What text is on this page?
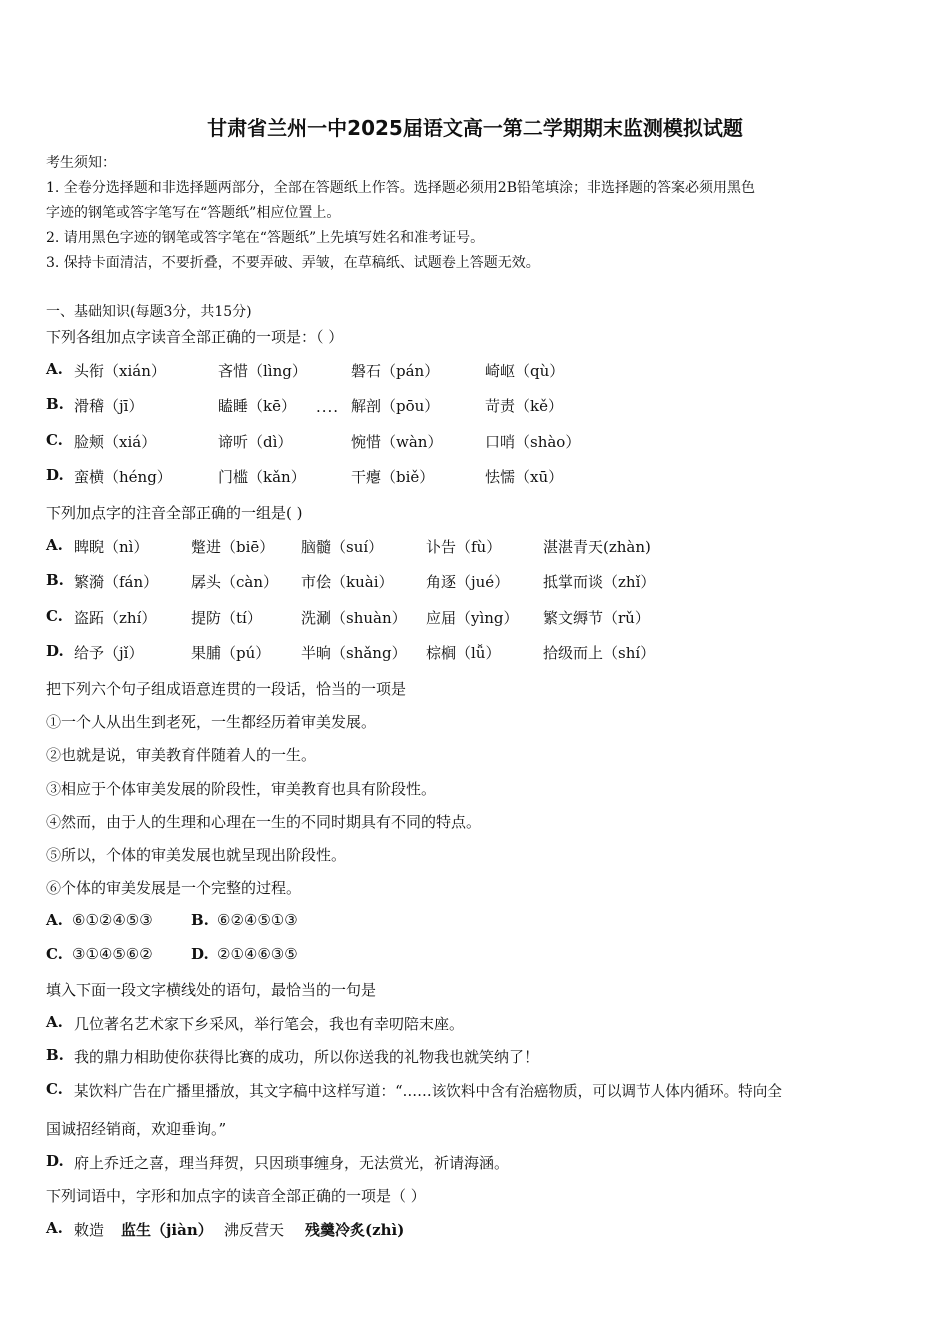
甘肃省兰州一中2025届语文高一第二学期期末监测模拟试题
考生须知：
1. 全卷分选择题和非选择题两部分，全部在答题纸上作答。选择题必须用2B铅笔填涂；非选择题的答案必须用黑色
字迹的钢笔或答字笔写在“答题纸”相应位置上。
2. 请用黑色字迹的钢笔或答字笔在“答题纸”上先填写姓名和准考证号。
3. 保持卡面清洁，不要折叠，不要弄破、弄皱，在草稿纸、试题卷上答题无效。
一、基础知识(每题3分，共15分)
下列各组加点字读音全部正确的一项是：（ ）
A. 头衔（xián）	吝惜（lìng）	磐石（pán）	崎岖（qù）
B. 滑稽（jī）	瞌睡（kē） .... 解剖（pōu）	苛责（kě）
C. 脸颊（xiá）	谛听（dì）	惋惜（wàn）	口哨（shào）
D. 蛮横（héng）	门槛（kǎn）	干瘪（biě）	怯懦（xū）
下列加点字的注音全部正确的一组是( )
A. 睥睨（nì）	蹩进（biē） 脑髓（suí）	讣告（fù）	湛湛青天(zhàn)
B. 繁漪（fán） 孱头（càn） 市侩（kuài） 角逐（jué） 抵掌而谈（zhǐ）
C. 盗跖（zhí） 提防（tí）	洗涮（shuàn） 应届（yìng） 繁文缛节（rǔ）
D. 给予（jǐ）	果脯（pú） 半晌（shǎng） 棕榈（lǚ）	拾级而上（shí）
把下列六个句子组成语意连贯的一段话，恰当的一项是
①一个人从出生到老死，一生都经历着审美发展。
②也就是说，审美教育伴随着人的一生。
③相应于个体审美发展的阶段性，审美教育也具有阶段性。
④然而，由于人的生理和心理在一生的不同时期具有不同的特点。
⑤所以，个体的审美发展也就呈现出阶段性。
⑥个体的审美发展是一个完整的过程。
A. ⑥①②④⑤③	B. ⑥②④⑤①③
C. ③①④⑤⑥②	D. ②①④⑥③⑤
填入下面一段文字横线处的语句，最恰当的一句是
A. 几位著名艺术家下乡采风，举行笔会，我也有幸叨陪末座。
B. 我的鼎力相助使你获得比赛的成功，所以你送我的礼物我也就笑纳了！
C. 某饮料广告在广播里播放，其文字稿中这样写道：“……该饮料中含有治癌物质，可以调节人体内循环。特向全
国诚招经销商，欢迎垂询。”
D. 府上乔迁之喜，理当拜贺，只因琐事缠身，无法赏光，祈请海涵。
下列词语中，字形和加点字的读音全部正确的一项是（ ）
A. 敕造 监生（jiàn） 沸反营天 残羹冷炙(zhì)
